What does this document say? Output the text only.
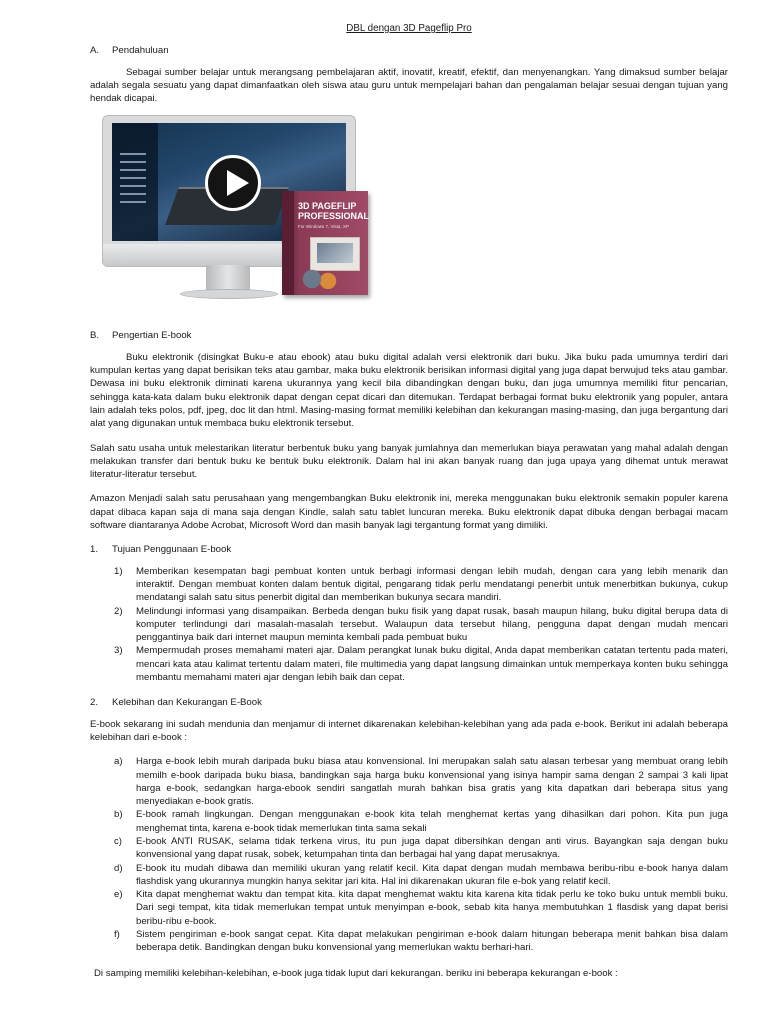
DBL dengan 3D Pageflip Pro
A. Pendahuluan

Sebagai sumber belajar untuk merangsang pembelajaran aktif, inovatif, kreatif, efektif, dan menyenangkan. Yang dimaksud sumber belajar adalah segala sesuatu yang dapat dimanfaatkan oleh siswa atau guru untuk mempelajari bahan dan pengalaman belajar sesuai dengan tujuan yang hendak dicapai.

3D PAGEFLIP PROFESSIONAL
For Windows 7, Vista, XP
B. Pengertian E-book

Buku elektronik (disingkat Buku-e atau ebook) atau buku digital adalah versi elektronik dari buku. Jika buku pada umumnya terdiri dari kumpulan kertas yang dapat berisikan teks atau gambar, maka buku elektronik berisikan informasi digital yang juga dapat berwujud teks atau gambar. Dewasa ini buku elektronik diminati karena ukurannya yang kecil bila dibandingkan dengan buku, dan juga umumnya memiliki fitur pencarian, sehingga kata-kata dalam buku elektronik dapat dengan cepat dicari dan ditemukan. Terdapat berbagai format buku elektronik yang populer, antara lain adalah teks polos, pdf, jpeg, doc lit dan html. Masing-masing format memiliki kelebihan dan kekurangan masing-masing, dan juga bergantung dari alat yang digunakan untuk membaca buku elektronik tersebut.

Salah satu usaha untuk melestarikan literatur berbentuk buku yang banyak jumlahnya dan memerlukan biaya perawatan yang mahal adalah dengan melakukan transfer dari bentuk buku ke bentuk buku elektronik. Dalam hal ini akan banyak ruang dan juga upaya yang dihemat untuk merawat literatur-literatur tersebut.

Amazon Menjadi salah satu perusahaan yang mengembangkan Buku elektronik ini, mereka menggunakan buku elektronik semakin populer karena dapat dibaca kapan saja di mana saja dengan Kindle, salah satu tablet luncuran mereka. Buku elektronik dapat dibuka dengan berbagai macam software diantaranya Adobe Acrobat, Microsoft Word dan masih banyak lagi tergantung format yang dimiliki.

1. Tujuan Penggunaan E-book
1) Memberikan kesempatan bagi pembuat konten untuk berbagi informasi dengan lebih mudah, dengan cara yang lebih menarik dan interaktif. Dengan membuat konten dalam bentuk digital, pengarang tidak perlu mendatangi penerbit untuk menerbitkan bukunya, cukup mendatangi salah satu situs penerbit digital dan memberikan bukunya secara mandiri.
2) Melindungi informasi yang disampaikan. Berbeda dengan buku fisik yang dapat rusak, basah maupun hilang, buku digital berupa data di komputer terlindungi dari masalah-masalah tersebut. Walaupun data tersebut hilang, pengguna dapat dengan mudah mencari penggantinya baik dari internet maupun meminta kembali pada pembuat buku
3) Mempermudah proses memahami materi ajar. Dalam perangkat lunak buku digital, Anda dapat memberikan catatan tertentu pada materi, mencari kata atau kalimat tertentu dalam materi, file multimedia yang dapat langsung dimainkan untuk memperkaya konten buku sehingga membantu memahami materi ajar dengan lebih baik dan cepat.
2. Kelebihan dan Kekurangan E-Book

E-book sekarang ini sudah mendunia dan menjamur di internet dikarenakan kelebihan-kelebihan yang ada pada e-book. Berikut ini adalah beberapa kelebihan dari e-book :

a) Harga e-book lebih murah daripada buku biasa atau konvensional. Ini merupakan salah satu alasan terbesar yang membuat orang lebih memilh e-book daripada buku biasa, bandingkan saja harga buku konvensional yang isinya hampir sama dengan 2 sampai 3 kali lipat harga e-book, sedangkan harga-ebook sendiri sangatlah murah bahkan bisa gratis yang kita dapatkan dari beberapa situs yang menyediakan e-book gratis.
b) E-book ramah lingkungan. Dengan menggunakan e-book kita telah menghemat kertas yang dihasilkan dari pohon. Kita pun juga menghemat tinta, karena e-book tidak memerlukan tinta sama sekali
c) E-book ANTI RUSAK, selama tidak terkena virus, itu pun juga dapat dibersihkan dengan anti virus. Bayangkan saja dengan buku konvensional yang dapat rusak, sobek, ketumpahan tinta dan berbagai hal yang dapat merusaknya.
d) E-book itu mudah dibawa dan memiliki ukuran yang relatif kecil. Kita dapat dengan mudah membawa beribu-ribu e-book hanya dalam flashdisk yang ukurannya mungkin hanya sekitar jari kita. Hal ini dikarenakan ukuran file e-bok yang relatif kecil.
e) Kita dapat menghemat waktu dan tempat kita. kita dapat menghemat waktu kita karena kita tidak perlu ke toko buku untuk membli buku. Dari segi tempat, kita tidak memerlukan tempat untuk menyimpan e-book, sebab kita hanya membutuhkan 1 flasdisk yang dapat berisi beribu-ribu e-book.
f) Sistem pengiriman e-book sangat cepat. Kita dapat melakukan pengiriman e-book dalam hitungan beberapa menit bahkan bisa dalam beberapa detik. Bandingkan dengan buku konvensional yang memerlukan waktu berhari-hari.

Di samping memiliki kelebihan-kelebihan, e-book juga tidak luput dari kekurangan. beriku ini beberapa kekurangan e-book :
